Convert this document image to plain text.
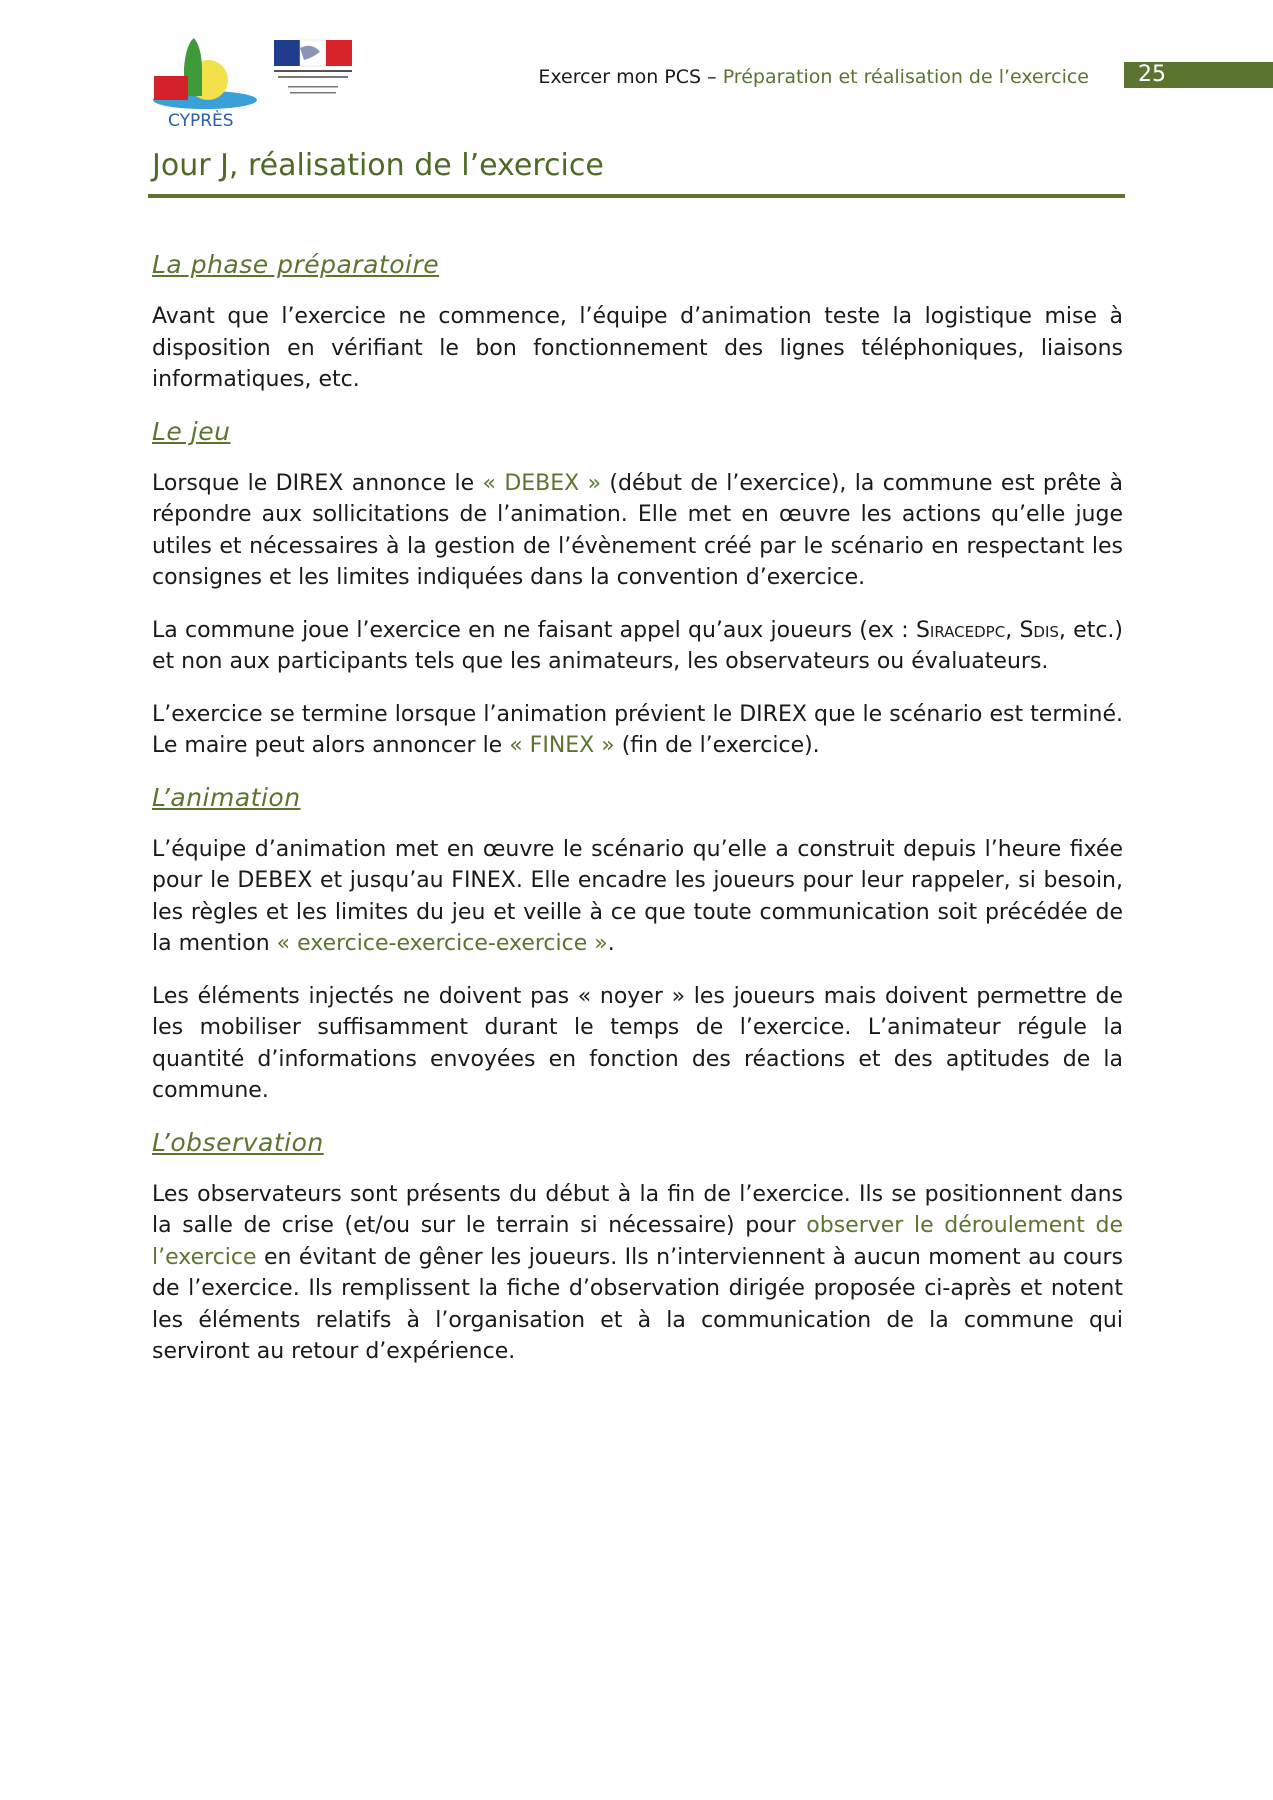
CYPRÈS
Exercer mon PCS – Préparation et réalisation de l’exercice	25
Jour J, réalisation de l’exercice
La phase préparatoire

Avant que l’exercice ne commence, l’équipe d’animation teste la logistique mise à disposition en vérifiant le bon fonctionnement des lignes téléphoniques, liaisons informatiques, etc.

Le jeu

Lorsque le DIREX annonce le « DEBEX » (début de l’exercice), la commune est prête à répondre aux sollicitations de l’animation. Elle met en œuvre les actions qu’elle juge utiles et nécessaires à la gestion de l’évènement créé par le scénario en respectant les consignes et les limites indiquées dans la convention d’exercice.

La commune joue l’exercice en ne faisant appel qu’aux joueurs (ex : Siracedpc, Sdis, etc.) et non aux participants tels que les animateurs, les observateurs ou évaluateurs.

L’exercice se termine lorsque l’animation prévient le DIREX que le scénario est terminé. Le maire peut alors annoncer le « FINEX » (fin de l’exercice).

L’animation

L’équipe d’animation met en œuvre le scénario qu’elle a construit depuis l’heure fixée pour le DEBEX et jusqu’au FINEX. Elle encadre les joueurs pour leur rappeler, si besoin, les règles et les limites du jeu et veille à ce que toute communication soit précédée de la mention « exercice-exercice-exercice ».

Les éléments injectés ne doivent pas « noyer » les joueurs mais doivent permettre de les mobiliser suffisamment durant le temps de l’exercice. L’animateur régule la quantité d’informations envoyées en fonction des réactions et des aptitudes de la commune.

L’observation

Les observateurs sont présents du début à la fin de l’exercice. Ils se positionnent dans la salle de crise (et/ou sur le terrain si nécessaire) pour observer le déroulement de l’exercice en évitant de gêner les joueurs. Ils n’interviennent à aucun moment au cours de l’exercice. Ils remplissent la fiche d’observation dirigée proposée ci-après et notent les éléments relatifs à l’organisation et à la communication de la commune qui serviront au retour d’expérience.
